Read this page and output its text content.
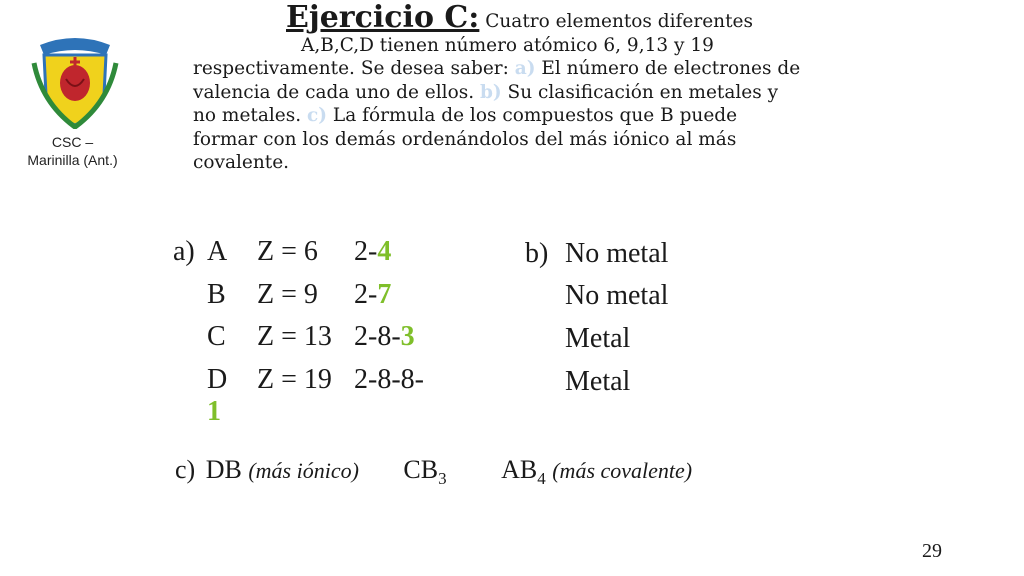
CSC –
Marinilla (Ant.)
Ejercicio C: Cuatro elementos diferentes
A,B,C,D tienen número atómico 6, 9,13 y 19
respectivamente. Se desea saber: a) El número de electrones de
valencia de cada uno de ellos. b) Su clasificación en metales y
no metales. c) La fórmula de los compuestos que B puede
formar con los demás ordenándolos del más iónico al más
covalente.
a) A Z = 6 2-4
B Z = 9 2-7
C Z = 13 2-8-3
D Z = 19 2-8-8-
1
b) No metal
No metal
Metal
Metal
c) DB (más iónico) $CB_3$ $AB_4$ (más covalente)
29
